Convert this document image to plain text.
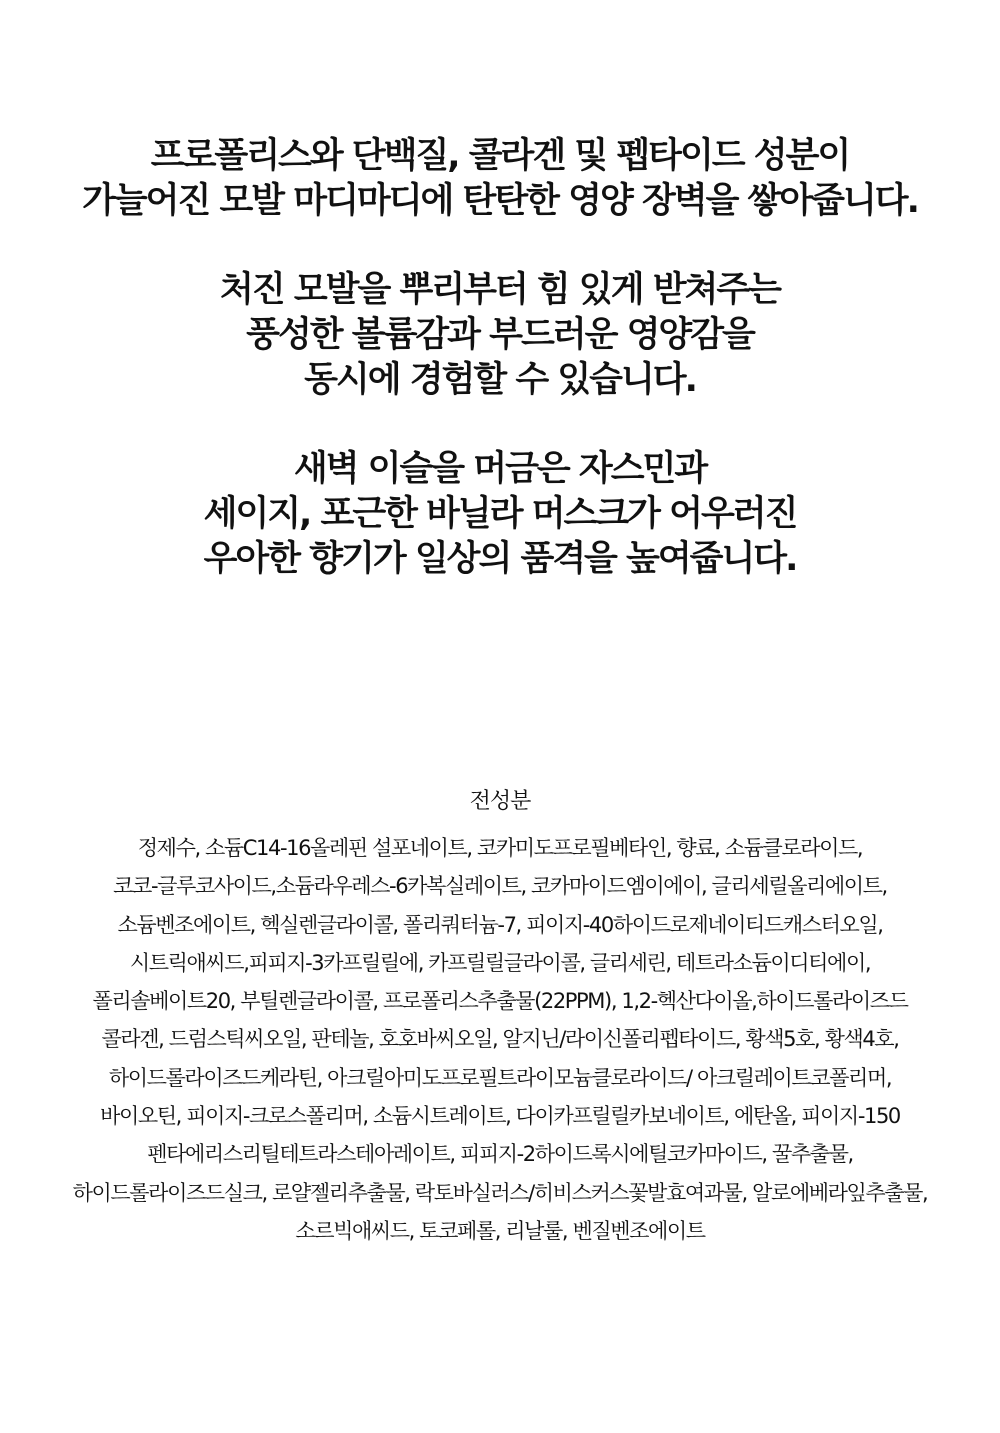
프로폴리스와 단백질, 콜라겐 및 펩타이드 성분이
가늘어진 모발 마디마디에 탄탄한 영양 장벽을 쌓아줍니다.

처진 모발을 뿌리부터 힘 있게 받쳐주는
풍성한 볼륨감과 부드러운 영양감을
동시에 경험할 수 있습니다.

새벽 이슬을 머금은 자스민과
세이지, 포근한 바닐라 머스크가 어우러진
우아한 향기가 일상의 품격을 높여줍니다.

전성분
정제수, 소듐C14-16올레핀 설포네이트, 코카미도프로필베타인, 향료, 소듐클로라이드,
코코-글루코사이드,소듐라우레스-6카복실레이트, 코카마이드엠이에이, 글리세릴올리에이트,
소듐벤조에이트, 헥실렌글라이콜, 폴리쿼터늄-7, 피이지-40하이드로제네이티드캐스터오일,
시트릭애씨드,피피지-3카프릴릴에, 카프릴릴글라이콜, 글리세린, 테트라소듐이디티에이,
폴리솔베이트20, 부틸렌글라이콜, 프로폴리스추출물(22PPM), 1,2-헥산다이올,하이드롤라이즈드
콜라겐, 드럼스틱씨오일, 판테놀, 호호바씨오일, 알지닌/라이신폴리펩타이드, 황색5호, 황색4호,
하이드롤라이즈드케라틴, 아크릴아미도프로필트라이모늄클로라이드/ 아크릴레이트코폴리머,
바이오틴, 피이지-크로스폴리머, 소듐시트레이트, 다이카프릴릴카보네이트, 에탄올, 피이지-150
펜타에리스리틸테트라스테아레이트, 피피지-2하이드록시에틸코카마이드, 꿀추출물,
하이드롤라이즈드실크, 로얄젤리추출물, 락토바실러스/히비스커스꽃발효여과물, 알로에베라잎추출물,
소르빅애씨드, 토코페롤, 리날룰, 벤질벤조에이트
